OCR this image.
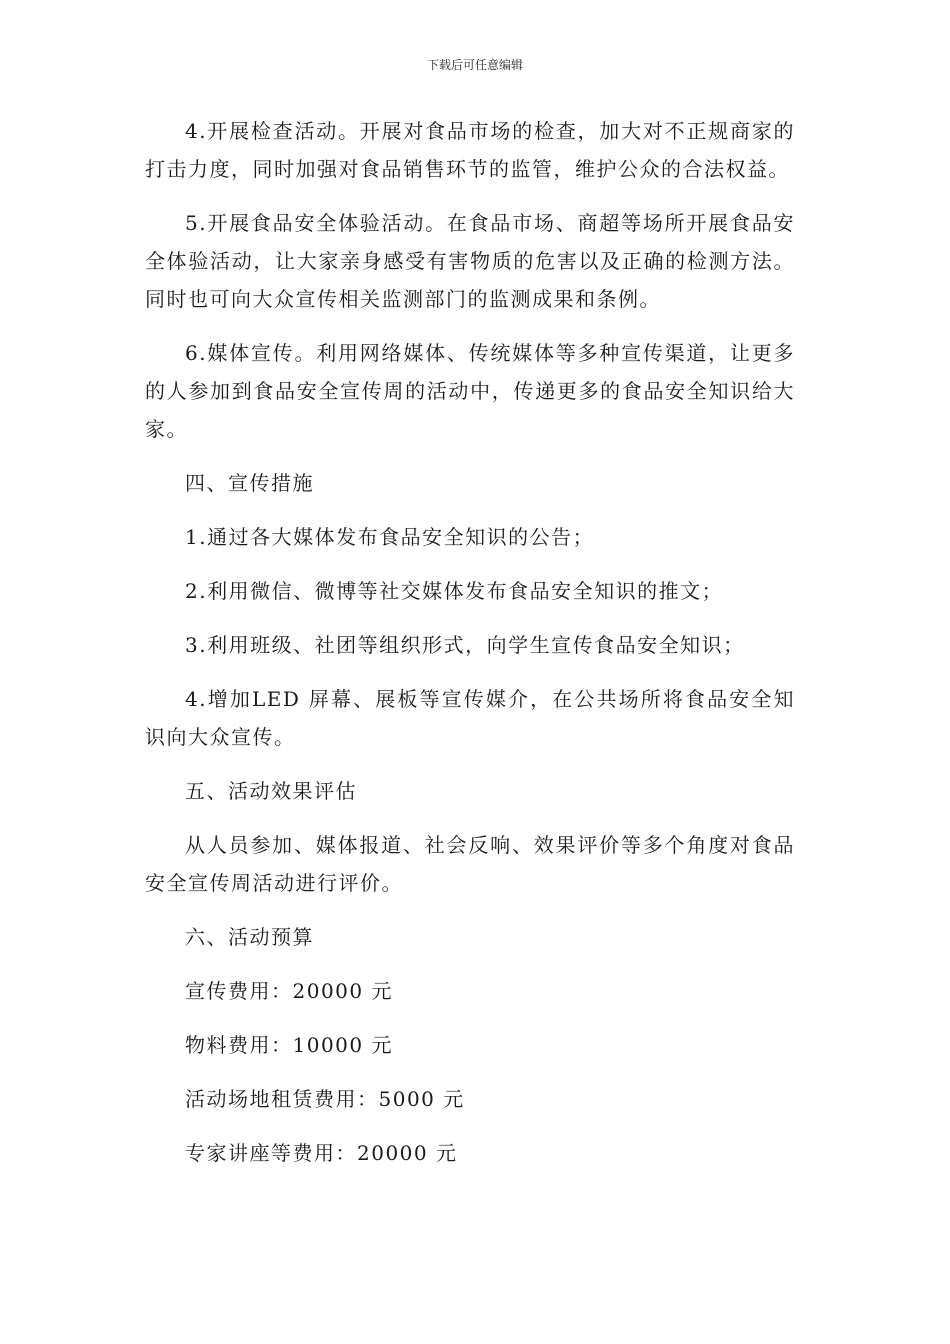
下载后可任意编辑

4.开展检查活动。开展对食品市场的检查，加大对不正规商家的打击力度，同时加强对食品销售环节的监管，维护公众的合法权益。

5.开展食品安全体验活动。在食品市场、商超等场所开展食品安全体验活动，让大家亲身感受有害物质的危害以及正确的检测方法。同时也可向大众宣传相关监测部门的监测成果和条例。

6.媒体宣传。利用网络媒体、传统媒体等多种宣传渠道，让更多的人参加到食品安全宣传周的活动中，传递更多的食品安全知识给大家。

四、宣传措施

1.通过各大媒体发布食品安全知识的公告；

2.利用微信、微博等社交媒体发布食品安全知识的推文；

3.利用班级、社团等组织形式，向学生宣传食品安全知识；

4.增加LED 屏幕、展板等宣传媒介，在公共场所将食品安全知识向大众宣传。

五、活动效果评估

从人员参加、媒体报道、社会反响、效果评价等多个角度对食品安全宣传周活动进行评价。

六、活动预算

宣传费用：20000 元

物料费用：10000 元

活动场地租赁费用：5000 元

专家讲座等费用：20000 元
